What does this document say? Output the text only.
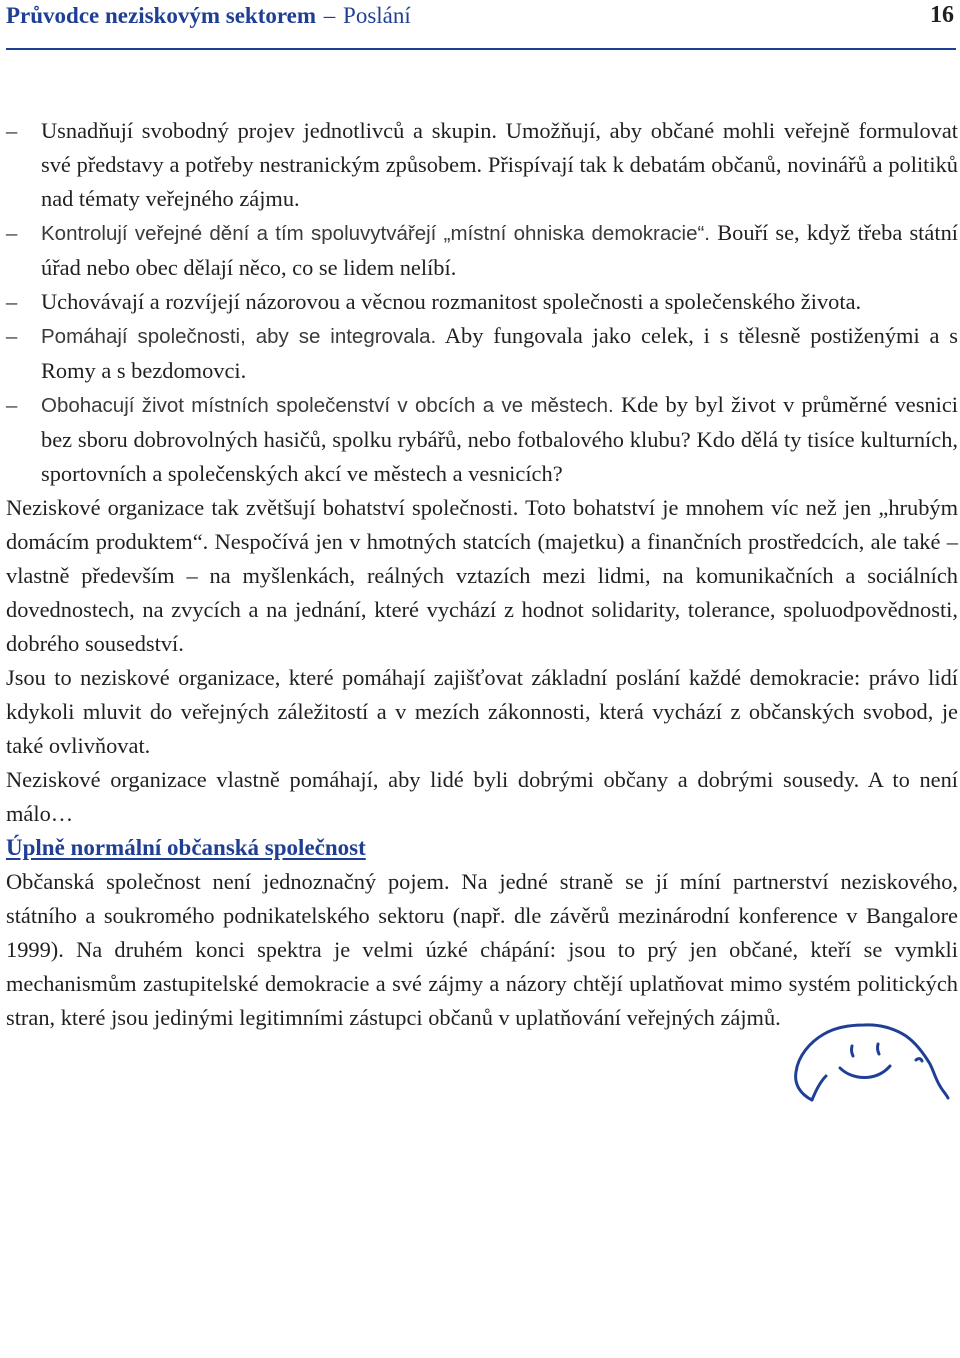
Průvodce neziskovým sektorem – Poslání	16
– Usnadňují svobodný projev jednotlivců a skupin. Umožňují, aby občané mohli veřejně formulovat své představy a potřeby nestranickým způsobem. Přispívají tak k debatám občanů, novinářů a politiků nad tématy veřejného zájmu.
– Kontrolují veřejné dění a tím spoluvytvářejí „místní ohniska demokracie“. Bouří se, když třeba státní úřad nebo obec dělají něco, co se lidem nelíbí.
– Uchovávají a rozvíjejí názorovou a věcnou rozmanitost společnosti a společenského života.
– Pomáhají společnosti, aby se integrovala. Aby fungovala jako celek, i s tělesně postiženými a s Romy a s bezdomovci.
– Obohacují život místních společenství v obcích a ve městech. Kde by byl život v průměrné vesnici bez sboru dobrovolných hasičů, spolku rybářů, nebo fotbalového klubu? Kdo dělá ty tisíce kulturních, sportovních a společenských akcí ve městech a vesnicích?

Neziskové organizace tak zvětšují bohatství společnosti. Toto bohatství je mnohem víc než jen „hrubým domácím produktem“. Nespočívá jen v hmotných statcích (majetku) a finančních prostředcích, ale také – vlastně především – na myšlenkách, reálných vztazích mezi lidmi, na komunikačních a sociálních dovednostech, na zvycích a na jednání, které vychází z hodnot solidarity, tolerance, spoluodpovědnosti, dobrého sousedství.

Jsou to neziskové organizace, které pomáhají zajišťovat základní poslání každé demokracie: právo lidí kdykoli mluvit do veřejných záležitostí a v mezích zákonnosti, která vychází z občanských svobod, je také ovlivňovat.

Neziskové organizace vlastně pomáhají, aby lidé byli dobrými občany a dobrými sousedy. A to není málo…

Úplně normální občanská společnost

Občanská společnost není jednoznačný pojem. Na jedné straně se jí míní partnerství neziskového, státního a soukromého podnikatelského sektoru (např. dle závěrů mezinárodní konference v Bangalore 1999). Na druhém konci spektra je velmi úzké chápání: jsou to prý jen občané, kteří se vymkli mechanismům zastupitelské demokracie a své zájmy a názory chtějí uplatňovat mimo systém politických stran, které jsou jedinými legitimními zástupci občanů v uplatňování veřejných zájmů.
